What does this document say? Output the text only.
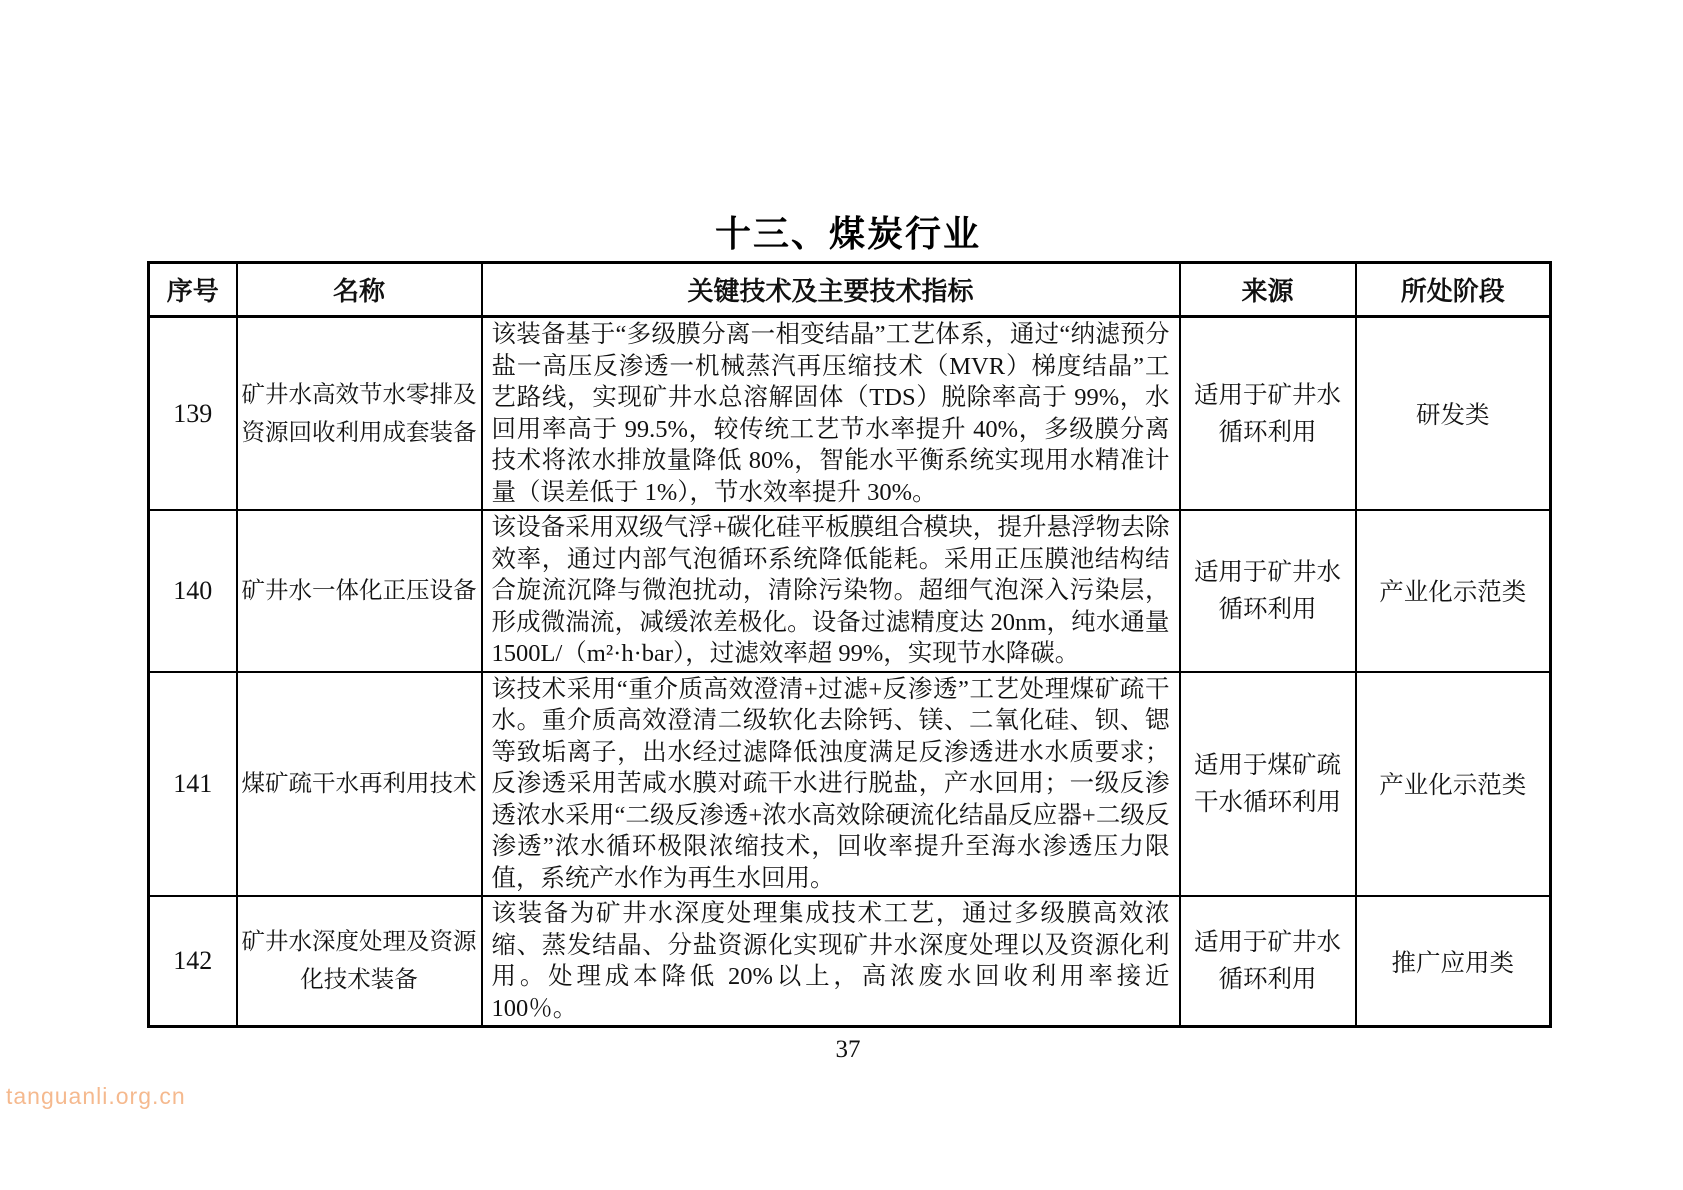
十三、煤炭行业
序号	名称	关键技术及主要技术指标	来源	所处阶段
139	矿井水高效节水零排及资源回收利用成套装备	该装备基于“多级膜分离一相变结晶”工艺体系，通过“纳滤预分盐一高压反渗透一机械蒸汽再压缩技术（MVR）梯度结晶”工艺路线，实现矿井水总溶解固体（TDS）脱除率高于 99%，水回用率高于 99.5%，较传统工艺节水率提升 40%，多级膜分离技术将浓水排放量降低 80%，智能水平衡系统实现用水精准计量（误差低于 1%），节水效率提升 30%。	适用于矿井水循环利用	研发类
140	矿井水一体化正压设备	该设备采用双级气浮+碳化硅平板膜组合模块，提升悬浮物去除效率，通过内部气泡循环系统降低能耗。采用正压膜池结构结合旋流沉降与微泡扰动，清除污染物。超细气泡深入污染层，形成微湍流，减缓浓差极化。设备过滤精度达 20nm，纯水通量 1500L/（m²·h·bar），过滤效率超 99%，实现节水降碳。	适用于矿井水循环利用	产业化示范类
141	煤矿疏干水再利用技术	该技术采用“重介质高效澄清+过滤+反渗透”工艺处理煤矿疏干水。重介质高效澄清二级软化去除钙、镁、二氧化硅、钡、锶等致垢离子，出水经过滤降低浊度满足反渗透进水水质要求；反渗透采用苦咸水膜对疏干水进行脱盐，产水回用；一级反渗透浓水采用“二级反渗透+浓水高效除硬流化结晶反应器+二级反渗透”浓水循环极限浓缩技术，回收率提升至海水渗透压力限值，系统产水作为再生水回用。	适用于煤矿疏干水循环利用	产业化示范类
142	矿井水深度处理及资源化技术装备	该装备为矿井水深度处理集成技术工艺，通过多级膜高效浓缩、蒸发结晶、分盐资源化实现矿井水深度处理以及资源化利用。处理成本降低 20%以上，高浓废水回收利用率接近 100％。	适用于矿井水循环利用	推广应用类
37
tanguanli.org.cn
